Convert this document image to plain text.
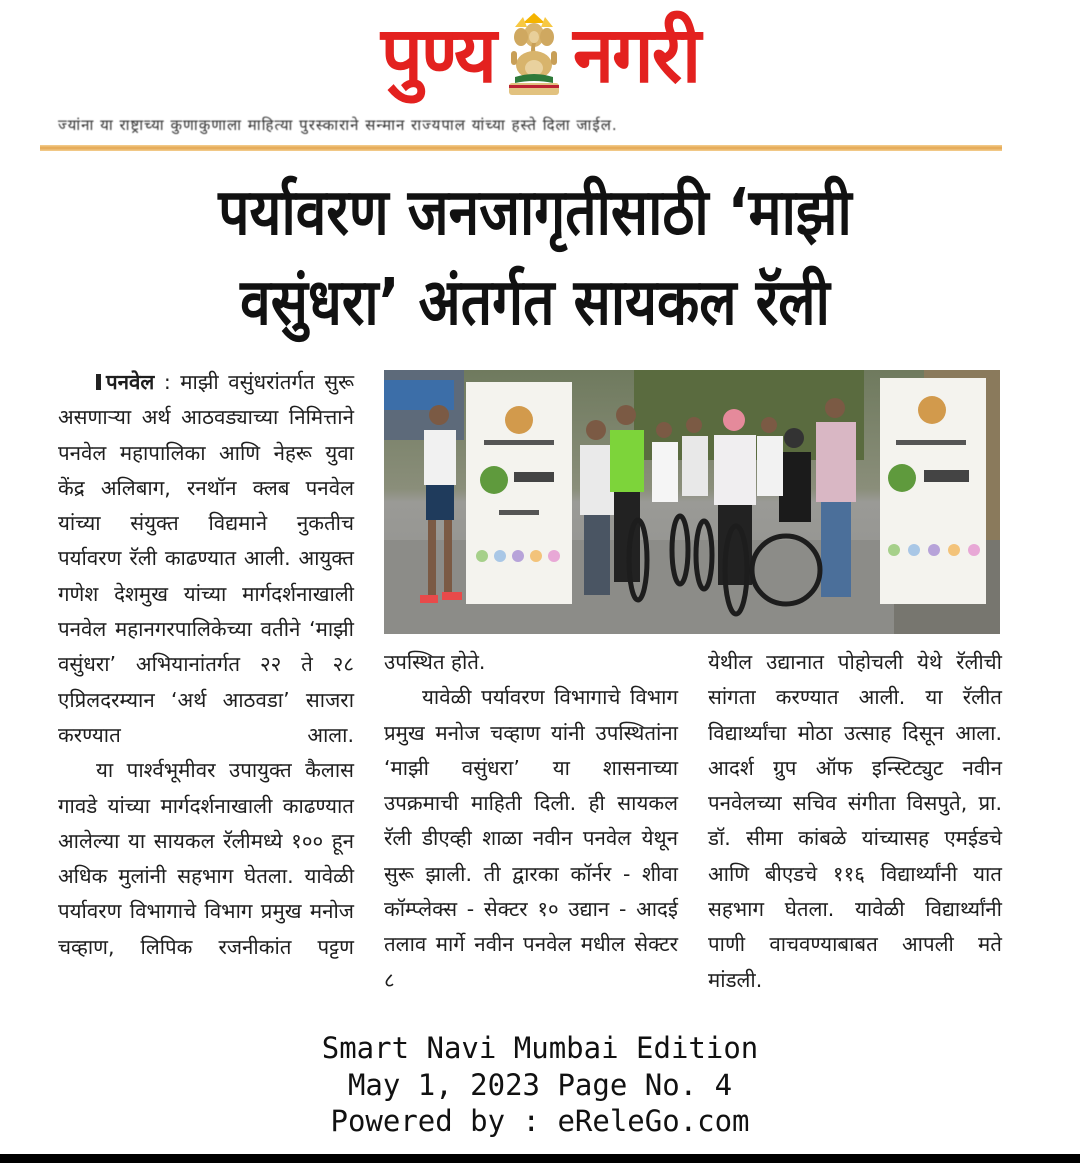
पुण्य नगरी
ज्यांना या राष्ट्राच्या कुणाकुणाला माहित्या पुरस्काराने सन्मान राज्यपाल यांच्या हस्ते दिला जाईल.
पर्यावरण जनजागृतीसाठी ‘माझी
वसुंधरा’ अंतर्गत सायकल रॅली

पनवेल : माझी वसुंधरांतर्गत सुरू असणाऱ्या अर्थ आठवड्याच्या निमित्ताने पनवेल महापालिका आणि नेहरू युवा केंद्र अलिबाग, रनथॉन क्लब पनवेल यांच्या संयुक्त विद्यमाने नुकतीच पर्यावरण रॅली काढण्यात आली. आयुक्त गणेश देशमुख यांच्या मार्गदर्शनाखाली पनवेल महानगरपालिकेच्या वतीने ‘माझी वसुंधरा’ अभियानांतर्गत २२ ते २८ एप्रिलदरम्यान ‘अर्थ आठवडा’ साजरा करण्यात आला.

या पार्श्वभूमीवर उपायुक्त कैलास गावडे यांच्या मार्गदर्शनाखाली काढण्यात आलेल्या या सायकल रॅलीमध्ये १०० हून अधिक मुलांनी सहभाग घेतला. यावेळी पर्यावरण विभागाचे विभाग प्रमुख मनोज चव्हाण, लिपिक रजनीकांत पट्टण

उपस्थित होते.

यावेळी पर्यावरण विभागाचे विभाग प्रमुख मनोज चव्हाण यांनी उपस्थितांना ‘माझी वसुंधरा’ या शासनाच्या उपक्रमाची माहिती दिली. ही सायकल रॅली डीएव्ही शाळा नवीन पनवेल येथून सुरू झाली. ती द्वारका कॉर्नर - शीवा कॉम्प्लेक्स - सेक्टर १० उद्यान - आदई तलाव मार्गे नवीन पनवेल मधील सेक्टर ८

येथील उद्यानात पोहोचली येथे रॅलीची सांगता करण्यात आली. या रॅलीत विद्यार्थ्यांचा मोठा उत्साह दिसून आला. आदर्श ग्रुप ऑफ इन्स्टिट्युट नवीन पनवेलच्या सचिव संगीता विसपुते, प्रा. डॉ. सीमा कांबळे यांच्यासह एमईडचे आणि बीएडचे ११६ विद्यार्थ्यांनी यात सहभाग घेतला. यावेळी विद्यार्थ्यांनी पाणी वाचवण्याबाबत आपली मते मांडली.

Smart Navi Mumbai Edition
May 1, 2023 Page No. 4
Powered by : eReleGo.com
